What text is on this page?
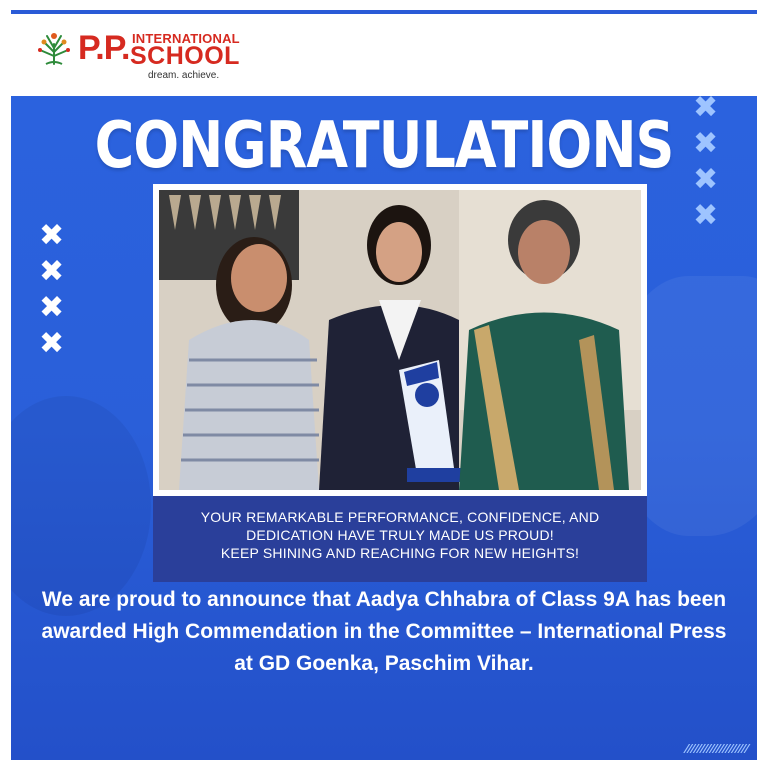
P.P. INTERNATIONAL
SCHOOL
dream. achieve.
CONGRATULATIONS
✖
✖
✖
✖
✖
✖
✖
✖
YOUR REMARKABLE PERFORMANCE, CONFIDENCE, AND
DEDICATION HAVE TRULY MADE US PROUD!
KEEP SHINING AND REACHING FOR NEW HEIGHTS!
We are proud to announce that Aadya Chhabra of Class 9A has been awarded High Commendation in the Committee – International Press at GD Goenka, Paschim Vihar.
⁄⁄⁄⁄⁄⁄⁄⁄⁄⁄⁄⁄⁄⁄⁄⁄⁄⁄⁄⁄
